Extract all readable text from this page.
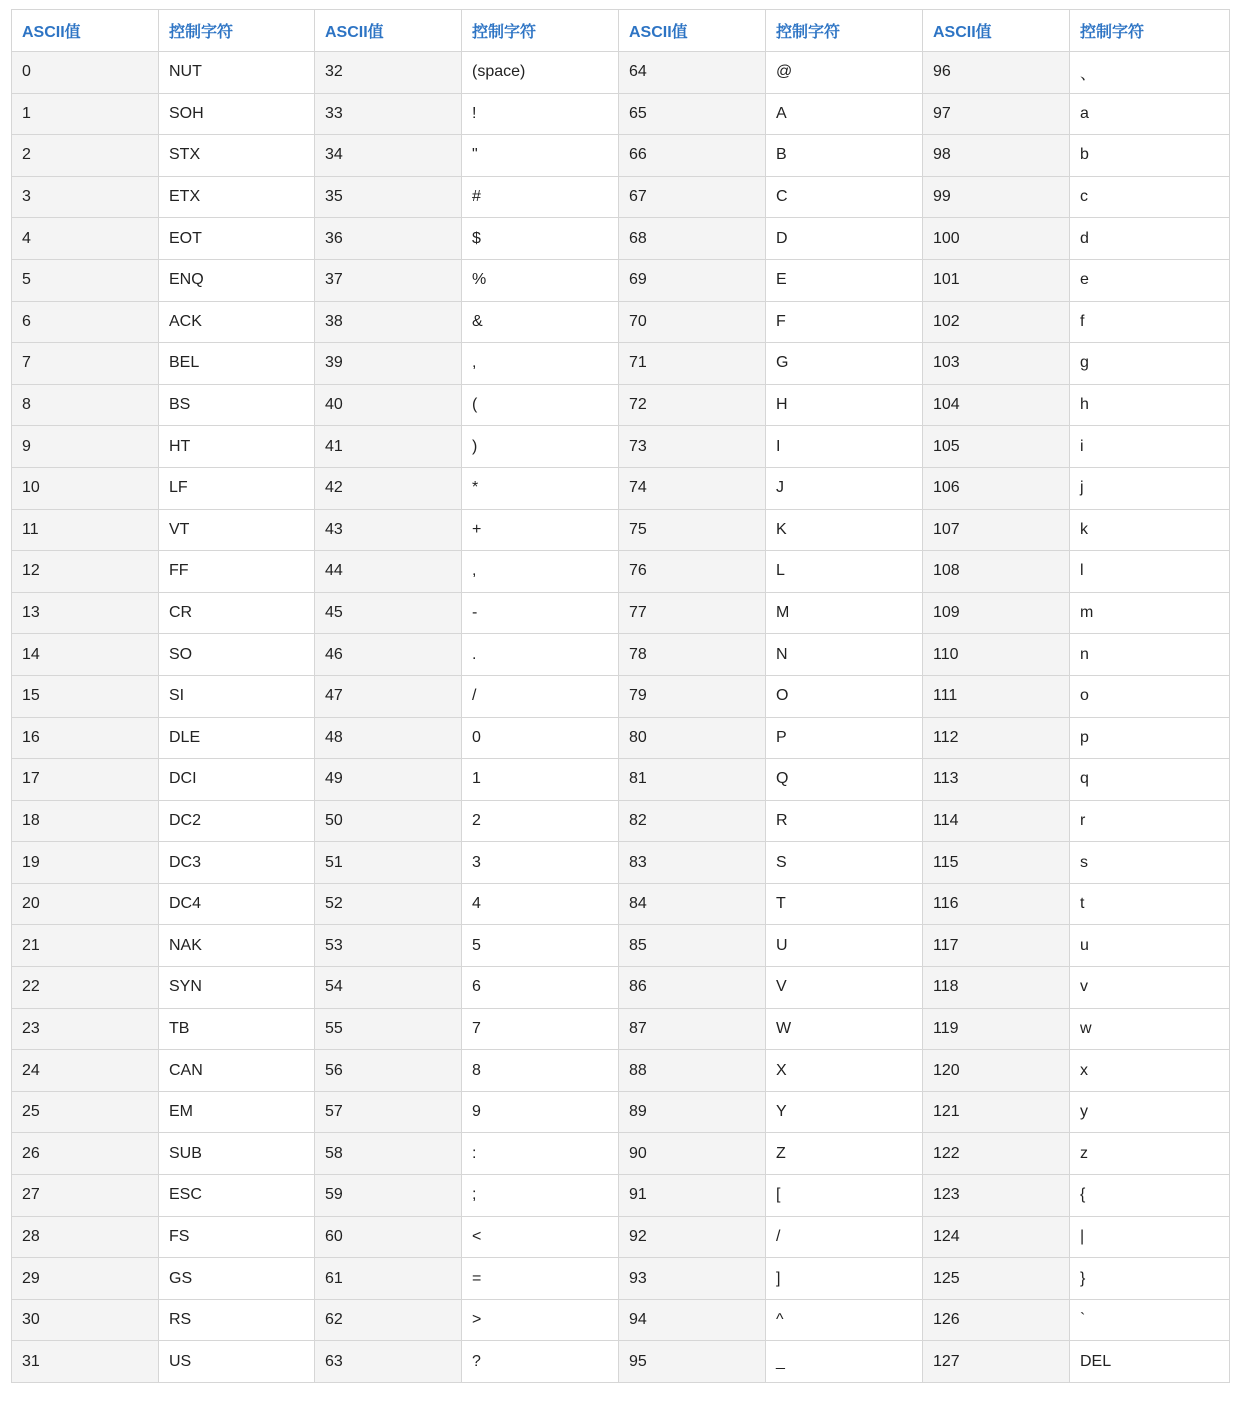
ASCII值	控制字符	ASCII值	控制字符	ASCII值	控制字符	ASCII值	控制字符
0	NUT	32	(space)	64	@	96	、
1	SOH	33	!	65	A	97	a
2	STX	34	"	66	B	98	b
3	ETX	35	#	67	C	99	c
4	EOT	36	$	68	D	100	d
5	ENQ	37	%	69	E	101	e
6	ACK	38	&	70	F	102	f
7	BEL	39	,	71	G	103	g
8	BS	40	(	72	H	104	h
9	HT	41	)	73	I	105	i
10	LF	42	*	74	J	106	j
11	VT	43	+	75	K	107	k
12	FF	44	,	76	L	108	l
13	CR	45	-	77	M	109	m
14	SO	46	.	78	N	110	n
15	SI	47	/	79	O	111	o
16	DLE	48	0	80	P	112	p
17	DCI	49	1	81	Q	113	q
18	DC2	50	2	82	R	114	r
19	DC3	51	3	83	S	115	s
20	DC4	52	4	84	T	116	t
21	NAK	53	5	85	U	117	u
22	SYN	54	6	86	V	118	v
23	TB	55	7	87	W	119	w
24	CAN	56	8	88	X	120	x
25	EM	57	9	89	Y	121	y
26	SUB	58	:	90	Z	122	z
27	ESC	59	;	91	[	123	{
28	FS	60	<	92	/	124	|
29	GS	61	=	93	]	125	}
30	RS	62	>	94	^	126	`
31	US	63	?	95	_	127	DEL
